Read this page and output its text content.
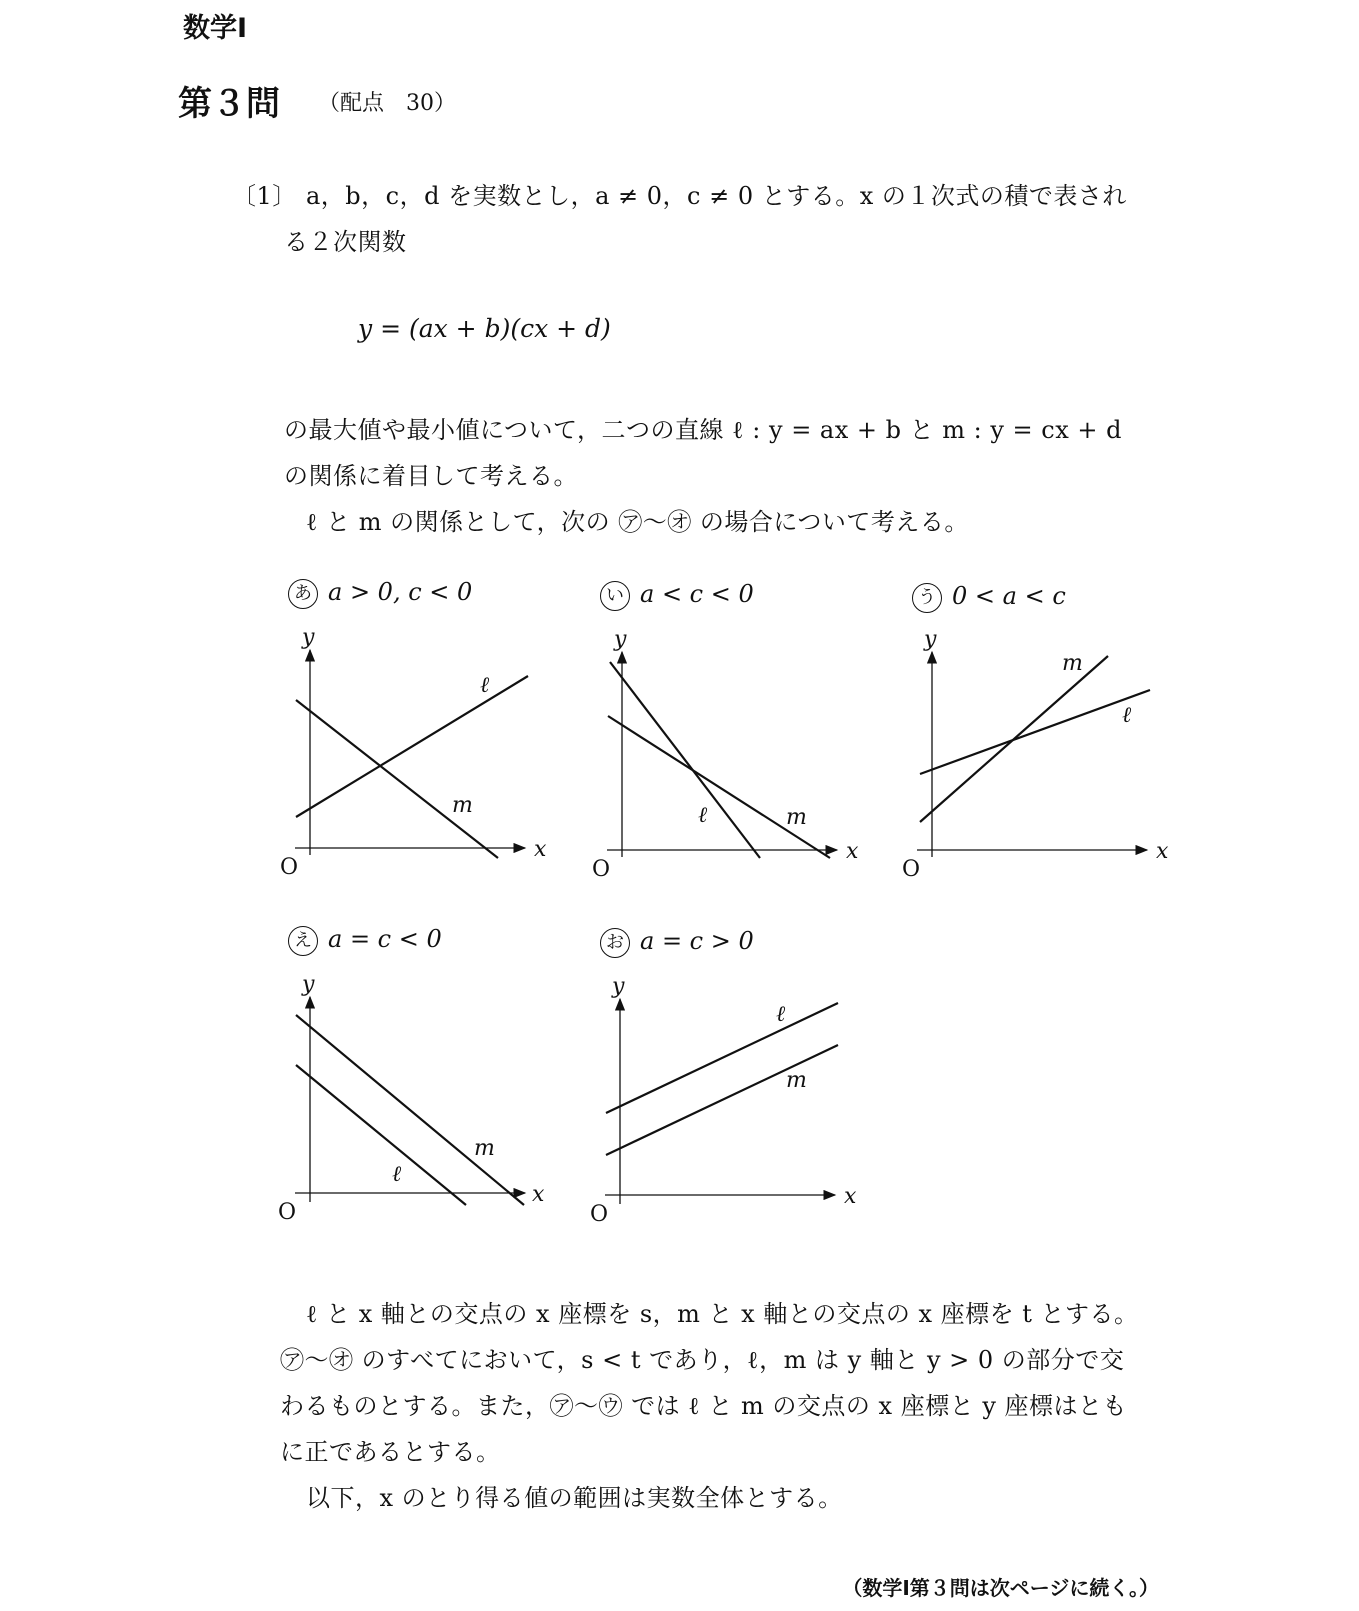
数学Ⅰ
第３問 （配点　30）
〔1〕 a，b，c，d を実数とし，a ≠ 0，c ≠ 0 とする。x の１次式の積で表され
る２次関数
y = (ax + b)(cx + d)
の最大値や最小値について，二つの直線 ℓ : y = ax + b と m : y = cx + d
の関係に着目して考える。
ℓ と m の関係として，次の ㋐〜㋔ の場合について考える。
あ a > 0, c < 0	い a < c < 0	う 0 < a < c
え a = c < 0	お a = c > 0
y
x
O
ℓ
m
y
x
O
ℓ	m
y
x
O
ℓ
m
y
x
O
ℓ
m
y
x
O
ℓ
m
ℓ と x 軸との交点の x 座標を s，m と x 軸との交点の x 座標を t とする。
㋐〜㋔ のすべてにおいて，s < t であり，ℓ，m は y 軸と y > 0 の部分で交
わるものとする。また，㋐〜㋒ では ℓ と m の交点の x 座標と y 座標はとも
に正であるとする。
以下，x のとり得る値の範囲は実数全体とする。
（数学Ⅰ第３問は次ページに続く。）
